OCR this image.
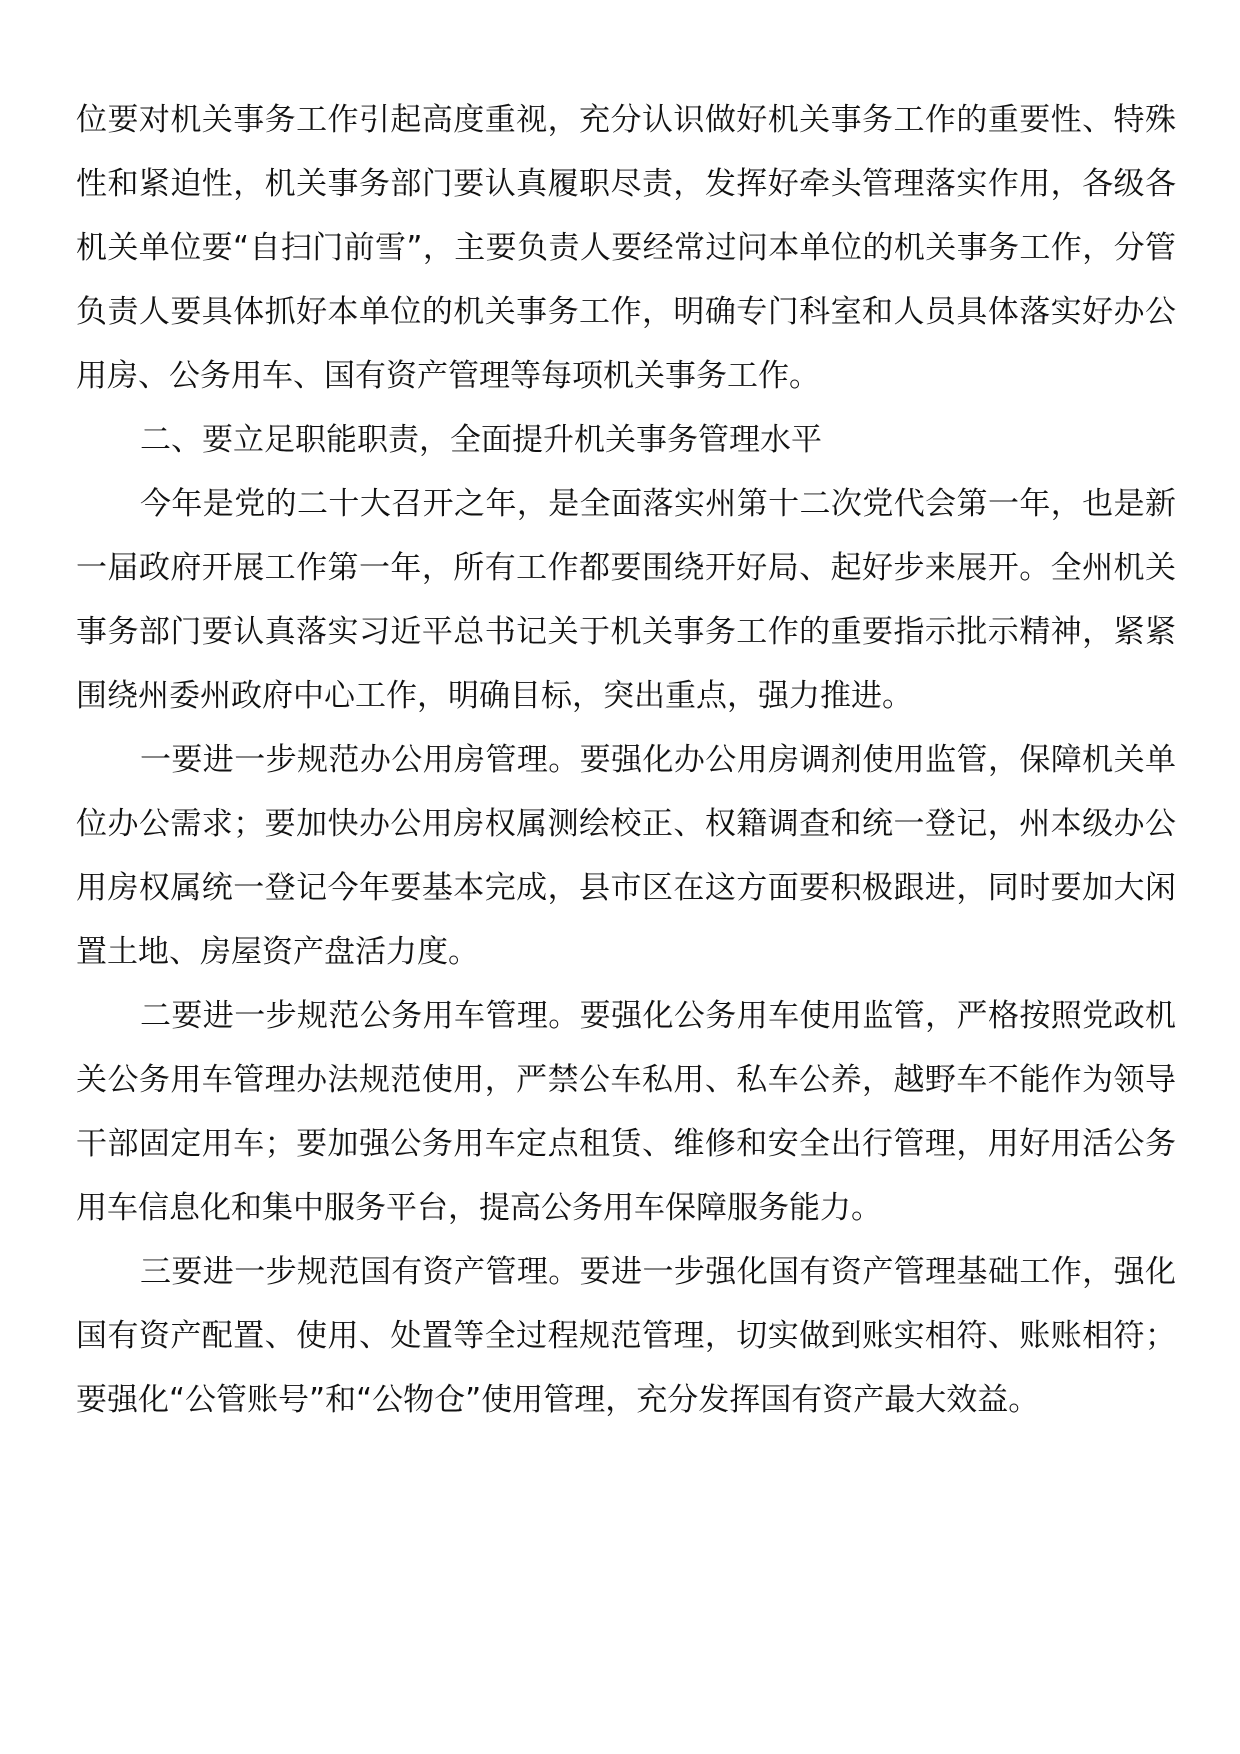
位要对机关事务工作引起高度重视，充分认识做好机关事务工作的重要性、特殊性和紧迫性，机关事务部门要认真履职尽责，发挥好牵头管理落实作用，各级各机关单位要“自扫门前雪”，主要负责人要经常过问本单位的机关事务工作，分管负责人要具体抓好本单位的机关事务工作，明确专门科室和人员具体落实好办公用房、公务用车、国有资产管理等每项机关事务工作。

二、要立足职能职责，全面提升机关事务管理水平

今年是党的二十大召开之年，是全面落实州第十二次党代会第一年，也是新一届政府开展工作第一年，所有工作都要围绕开好局、起好步来展开。全州机关事务部门要认真落实习近平总书记关于机关事务工作的重要指示批示精神，紧紧围绕州委州政府中心工作，明确目标，突出重点，强力推进。

一要进一步规范办公用房管理。要强化办公用房调剂使用监管，保障机关单位办公需求；要加快办公用房权属测绘校正、权籍调查和统一登记，州本级办公用房权属统一登记今年要基本完成，县市区在这方面要积极跟进，同时要加大闲置土地、房屋资产盘活力度。

二要进一步规范公务用车管理。要强化公务用车使用监管，严格按照党政机关公务用车管理办法规范使用，严禁公车私用、私车公养，越野车不能作为领导干部固定用车；要加强公务用车定点租赁、维修和安全出行管理，用好用活公务用车信息化和集中服务平台，提高公务用车保障服务能力。

三要进一步规范国有资产管理。要进一步强化国有资产管理基础工作，强化国有资产配置、使用、处置等全过程规范管理，切实做到账实相符、账账相符；要强化“公管账号”和“公物仓”使用管理，充分发挥国有资产最大效益。
